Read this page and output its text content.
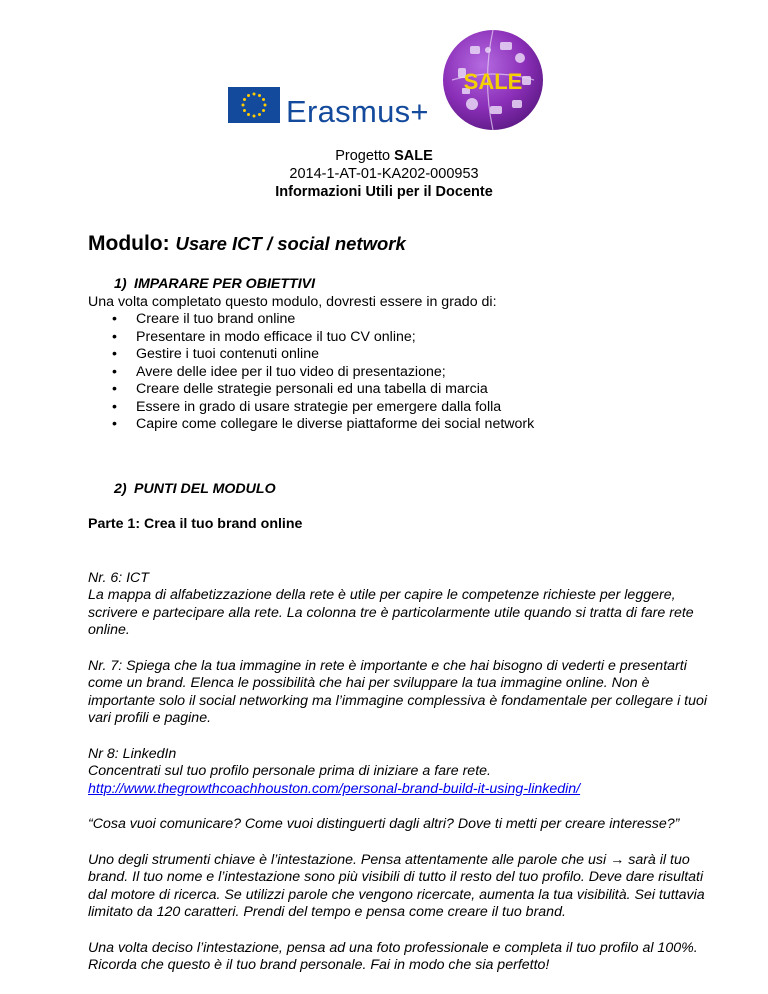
Erasmus+
SALE
Progetto SALE
2014-1-AT-01-KA202-000953
Informazioni Utili per il Docente
Modulo: Usare ICT / social network
1) IMPARARE PER OBIETTIVI
Una volta completato questo modulo, dovresti essere in grado di:
• Creare il tuo brand online
• Presentare in modo efficace il tuo CV online;
• Gestire i tuoi contenuti online
• Avere delle idee per il tuo video di presentazione;
• Creare delle strategie personali ed una tabella di marcia
• Essere in grado di usare strategie per emergere dalla folla
• Capire come collegare le diverse piattaforme dei social network
2) PUNTI DEL MODULO
Parte 1: Crea il tuo brand online
Nr. 6: ICT
La mappa di alfabetizzazione della rete è utile per capire le competenze richieste per leggere, scrivere e partecipare alla rete. La colonna tre è particolarmente utile quando si tratta di fare rete online.
Nr. 7: Spiega che la tua immagine in rete è importante e che hai bisogno di vederti e presentarti come un brand. Elenca le possibilità che hai per sviluppare la tua immagine online. Non è importante solo il social networking ma l’immagine complessiva è fondamentale per collegare i tuoi vari profili e pagine.
Nr 8: LinkedIn
Concentrati sul tuo profilo personale prima di iniziare a fare rete.
http://www.thegrowthcoachhouston.com/personal-brand-build-it-using-linkedin/
“Cosa vuoi comunicare? Come vuoi distinguerti dagli altri? Dove ti metti per creare interesse?”
Uno degli strumenti chiave è l’intestazione. Pensa attentamente alle parole che usi → sarà il tuo brand. Il tuo nome e l’intestazione sono più visibili di tutto il resto del tuo profilo. Deve dare risultati dal motore di ricerca. Se utilizzi parole che vengono ricercate, aumenta la tua visibilità. Sei tuttavia limitato da 120 caratteri. Prendi del tempo e pensa come creare il tuo brand.
Una volta deciso l’intestazione, pensa ad una foto professionale e completa il tuo profilo al 100%. Ricorda che questo è il tuo brand personale. Fai in modo che sia perfetto!
